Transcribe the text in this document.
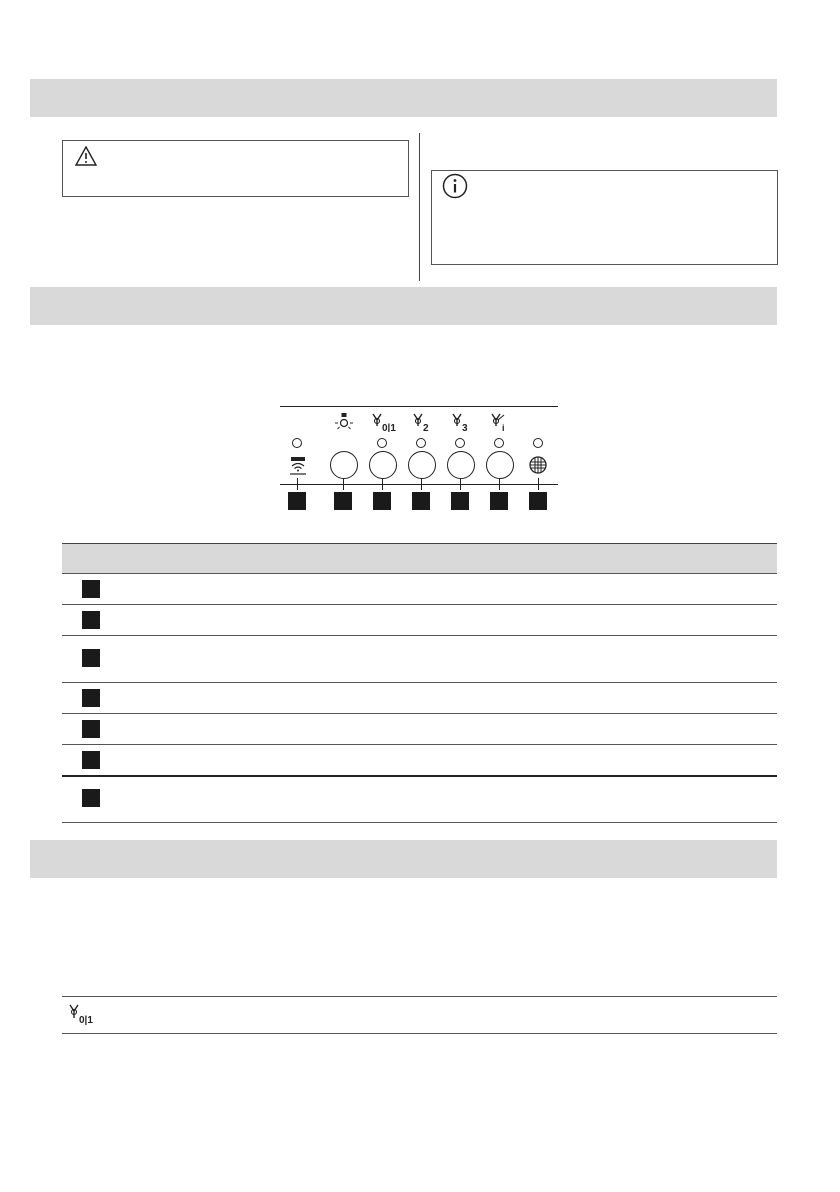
0|1	2	3	i
0|1
